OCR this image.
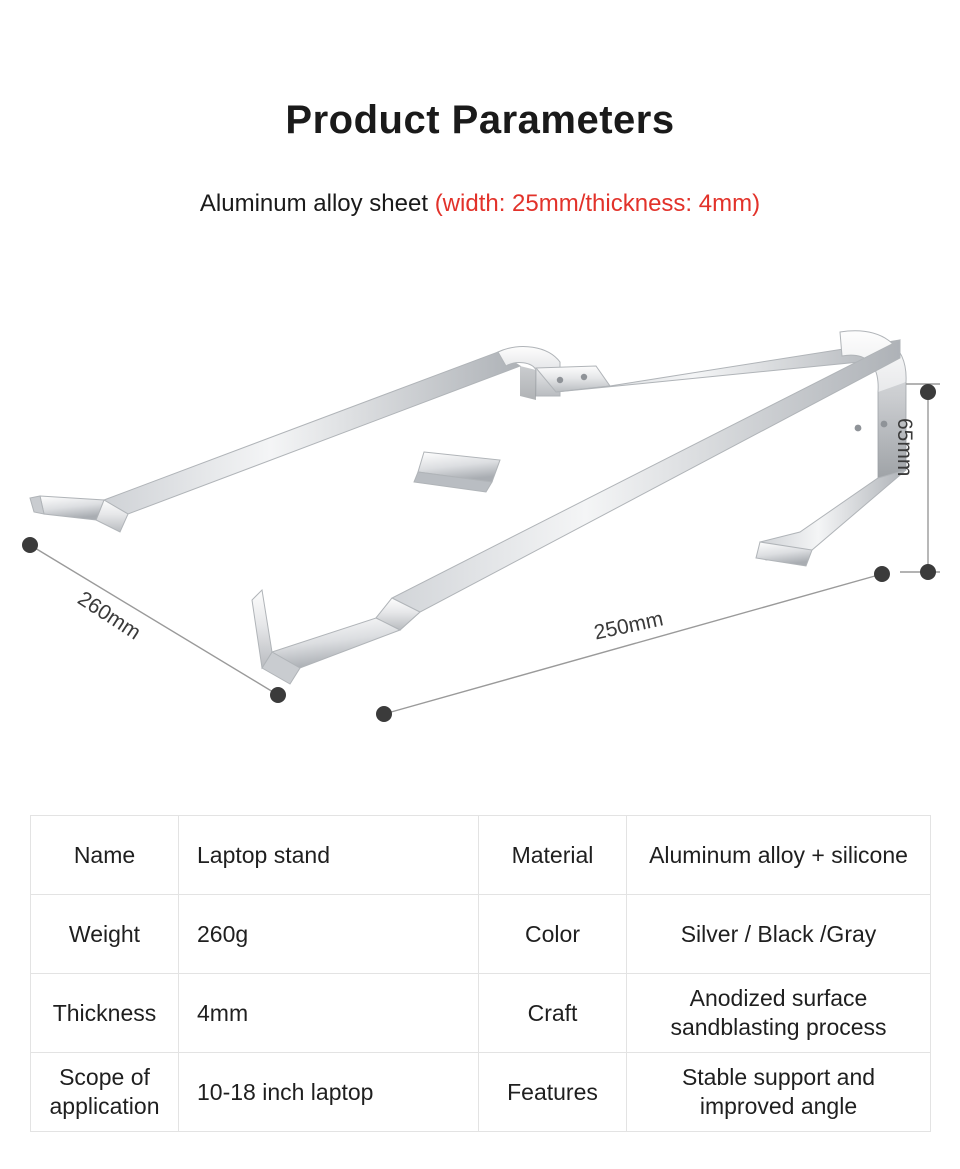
Product Parameters
Aluminum alloy sheet (width: 25mm/thickness: 4mm)
260mm	250mm
65mm
Name	Laptop stand	Material	Aluminum alloy + silicone
Weight	260g	Color	Silver / Black /Gray
Thickness	4mm	Craft	Anodized surface sandblasting process
Scope of application	10-18 inch laptop	Features	Stable support and improved angle
